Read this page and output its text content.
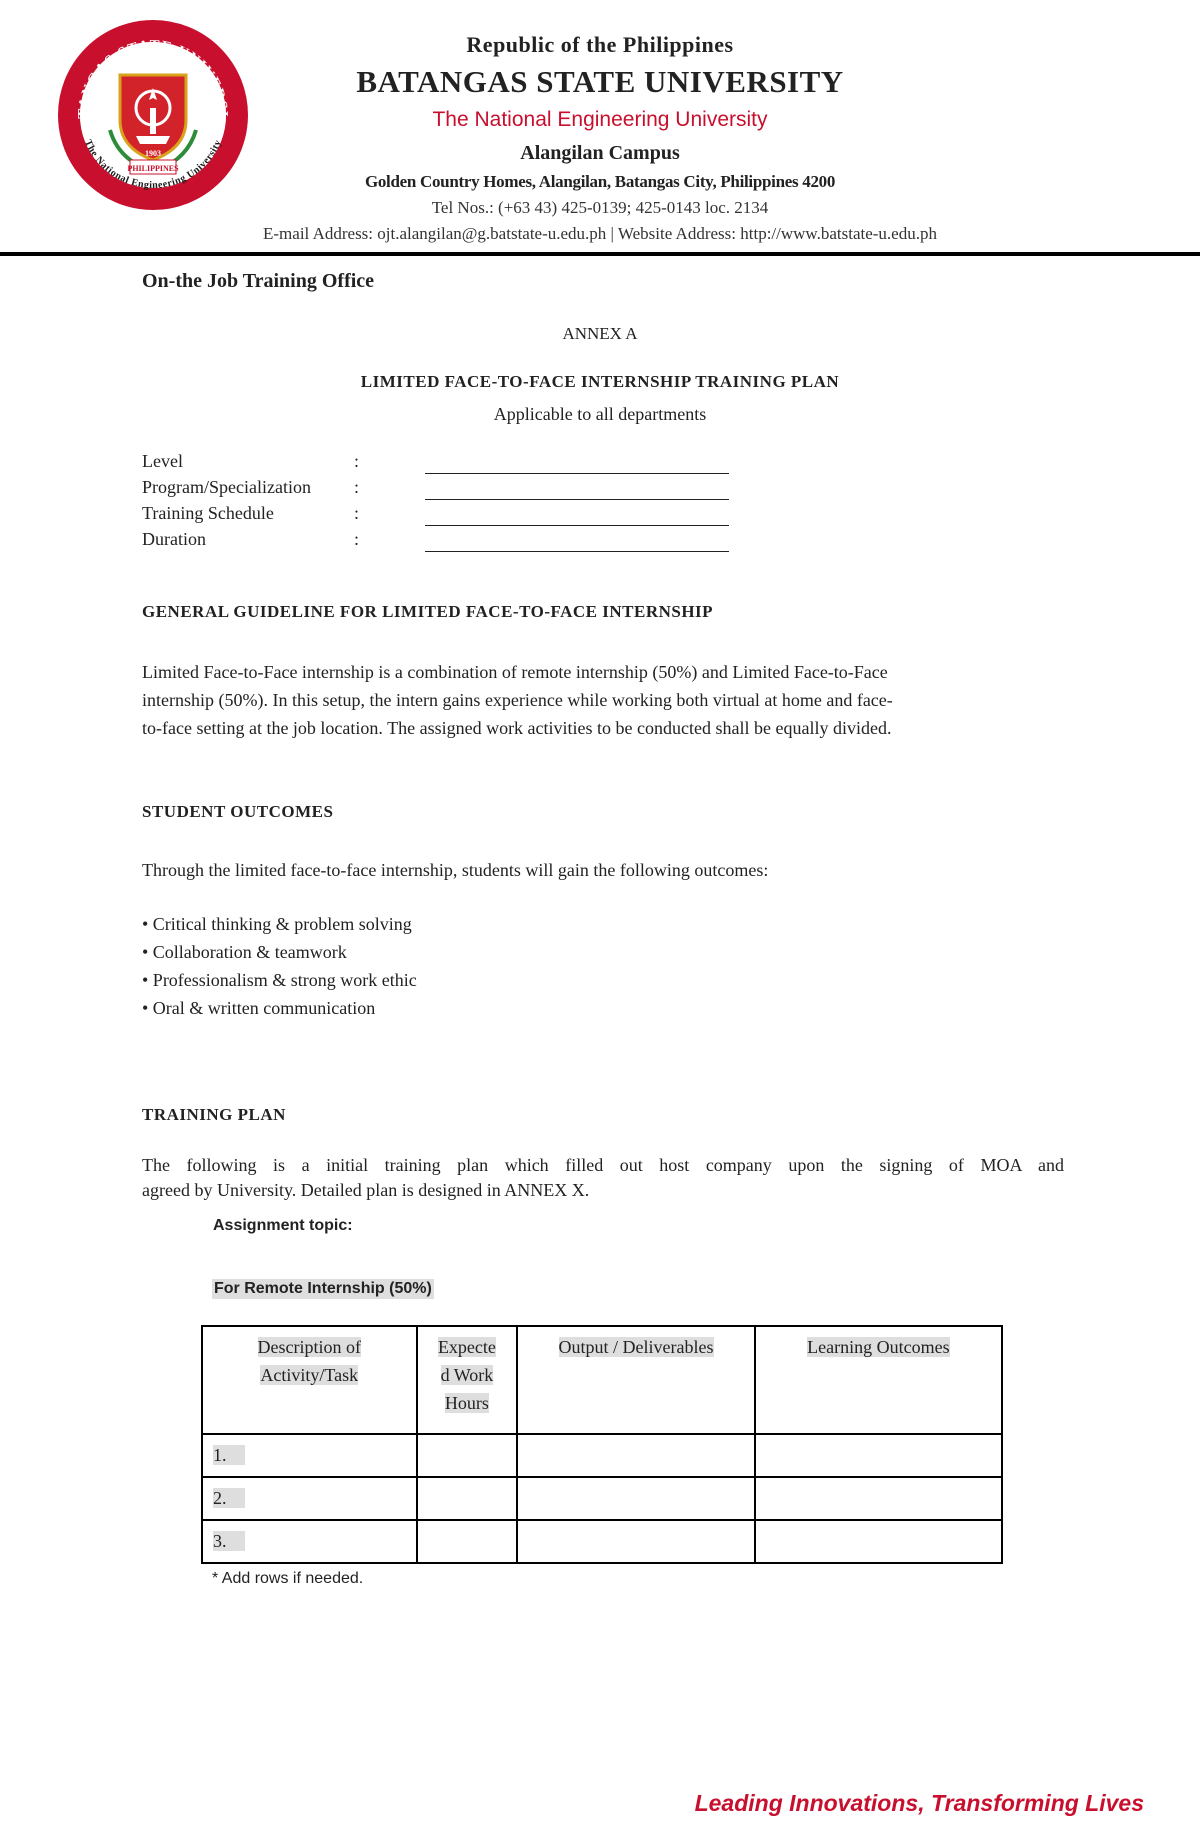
TANGAS STATE UNIVERSI
The National Engineering University
PHILIPPINES
1903
Republic of the Philippines
BATANGAS STATE UNIVERSITY
The National Engineering University
Alangilan Campus
Golden Country Homes, Alangilan, Batangas City, Philippines 4200
Tel Nos.: (+63 43) 425-0139; 425-0143 loc. 2134
E-mail Address: ojt.alangilan@g.batstate-u.edu.ph | Website Address: http://www.batstate-u.edu.ph
On-the Job Training Office
ANNEX A
LIMITED FACE-TO-FACE INTERNSHIP TRAINING PLAN
Applicable to all departments
Level	:
Program/Specialization :
Training Schedule	:
Duration	:
GENERAL GUIDELINE FOR LIMITED FACE-TO-FACE INTERNSHIP
Limited Face-to-Face internship is a combination of remote internship (50%) and Limited Face-to-Face
internship (50%). In this setup, the intern gains experience while working both virtual at home and face-
to-face setting at the job location. The assigned work activities to be conducted shall be equally divided.
STUDENT OUTCOMES
Through the limited face-to-face internship, students will gain the following outcomes:
• Critical thinking & problem solving
• Collaboration & teamwork
• Professionalism & strong work ethic
• Oral & written communication
TRAINING PLAN
The following is a initial training plan which filled out host company upon the signing of MOA and
agreed by University. Detailed plan is designed in ANNEX X.
Assignment topic:
For Remote Internship (50%)
Description of
Activity/Task	Expecte
d Work
Hours	Output / Deliverables	Learning Outcomes
1.			
2.			
3.			
* Add rows if needed.
Leading Innovations, Transforming Lives
